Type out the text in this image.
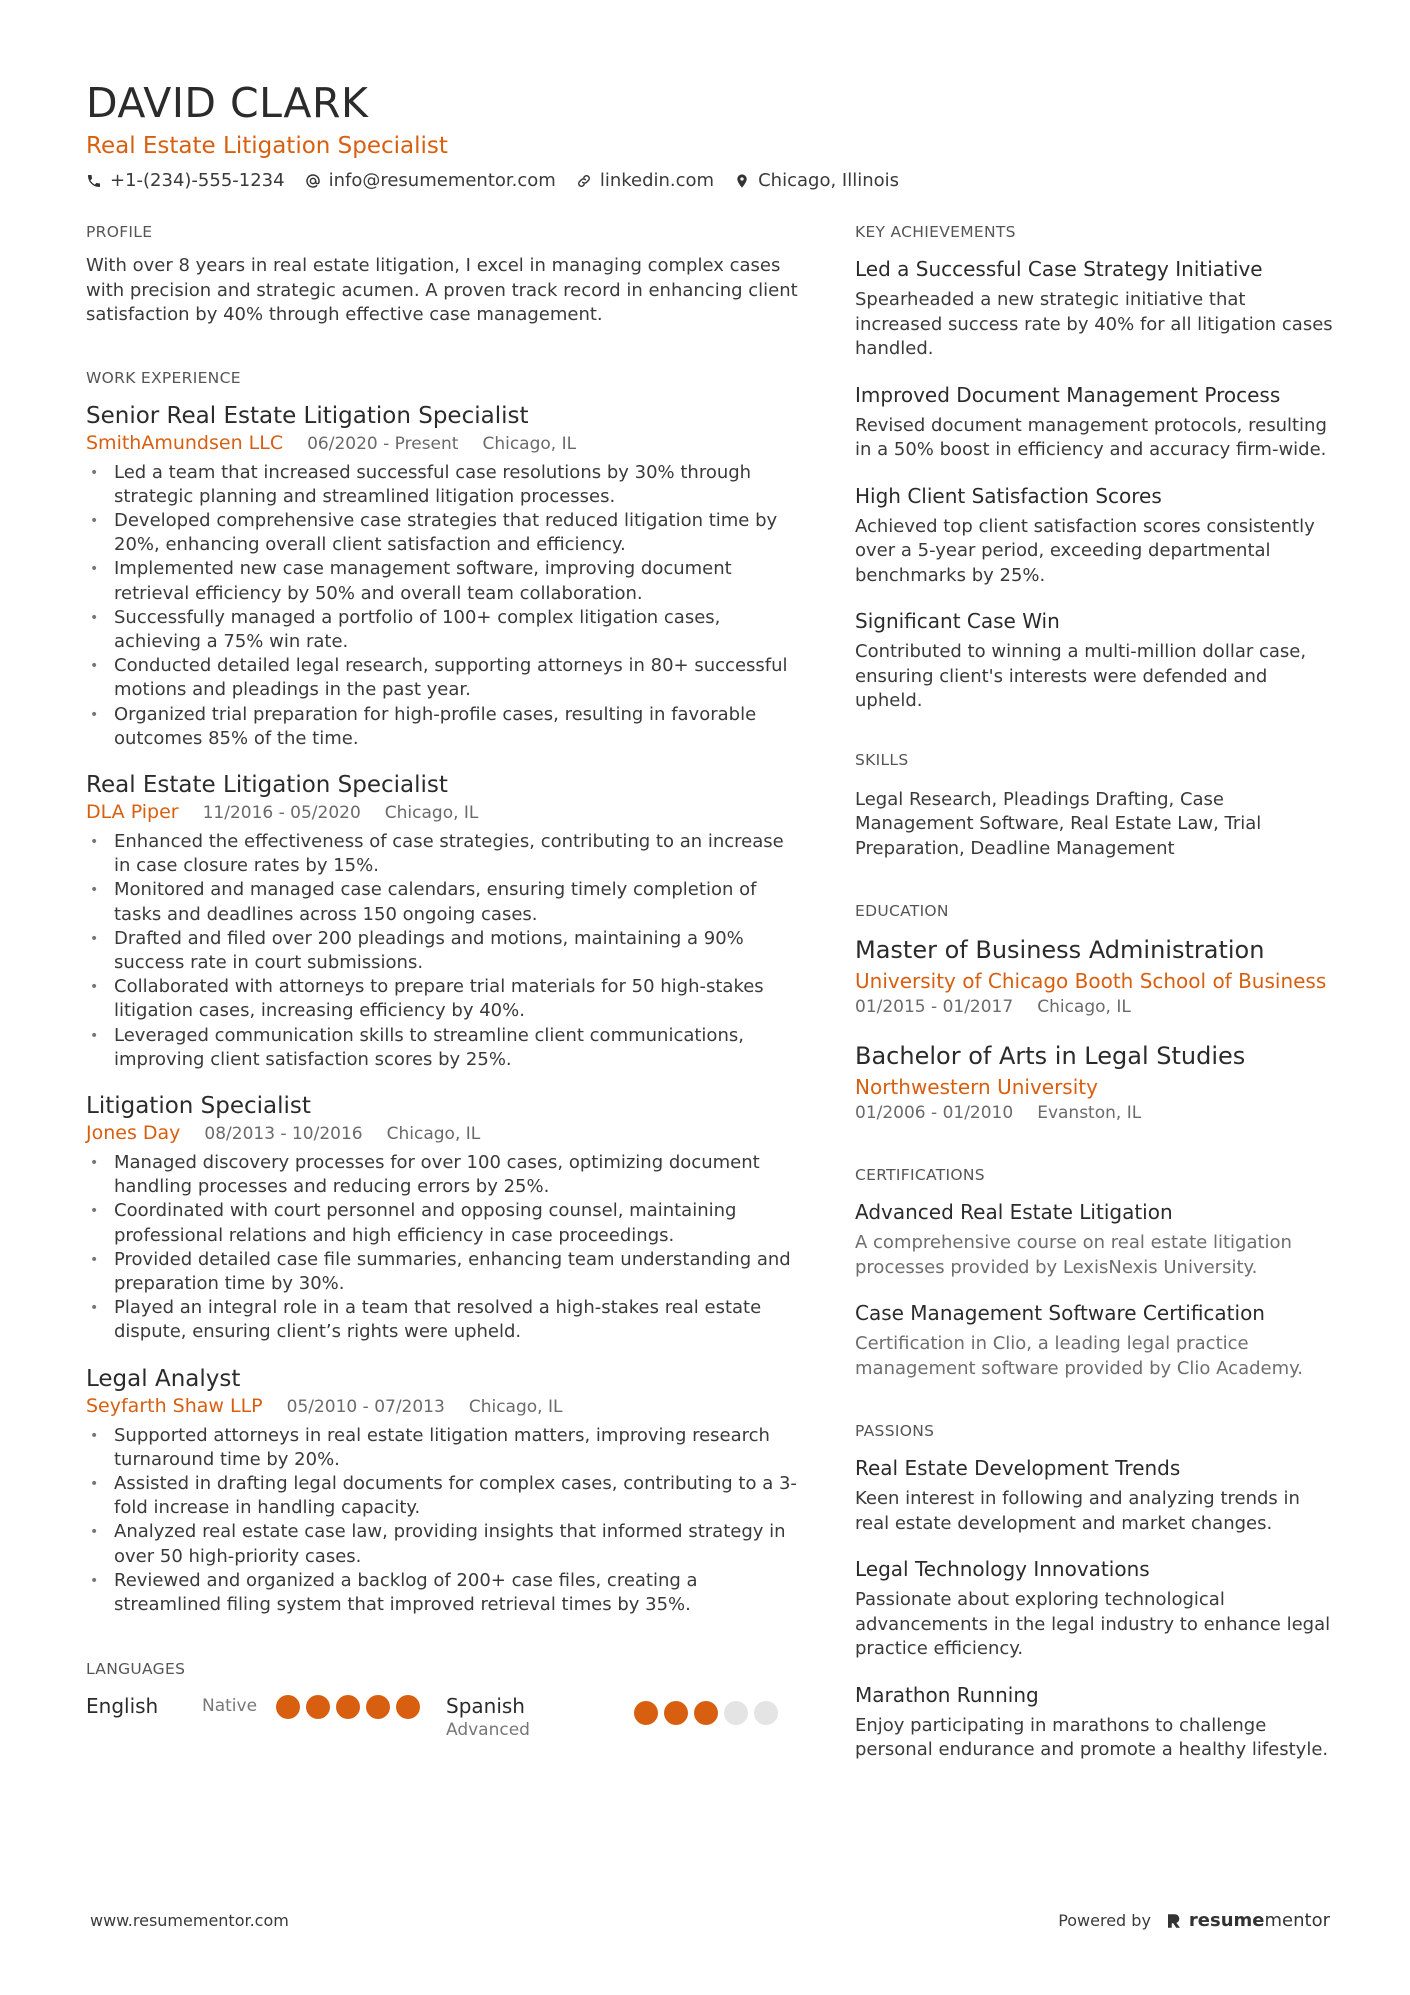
DAVID CLARK
Real Estate Litigation Specialist
+1-(234)-555-1234 info@resumementor.com linkedin.com Chicago, Illinois
PROFILE
With over 8 years in real estate litigation, I excel in managing complex cases with precision and strategic acumen. A proven track record in enhancing client satisfaction by 40% through effective case management.
WORK EXPERIENCE
Senior Real Estate Litigation Specialist
SmithAmundsen LLC 06/2020 - Present Chicago, IL
• Led a team that increased successful case resolutions by 30% through strategic planning and streamlined litigation processes.
• Developed comprehensive case strategies that reduced litigation time by 20%, enhancing overall client satisfaction and efficiency.
• Implemented new case management software, improving document retrieval efficiency by 50% and overall team collaboration.
• Successfully managed a portfolio of 100+ complex litigation cases, achieving a 75% win rate.
• Conducted detailed legal research, supporting attorneys in 80+ successful motions and pleadings in the past year.
• Organized trial preparation for high-profile cases, resulting in favorable outcomes 85% of the time.
Real Estate Litigation Specialist
DLA Piper 11/2016 - 05/2020 Chicago, IL
• Enhanced the effectiveness of case strategies, contributing to an increase in case closure rates by 15%.
• Monitored and managed case calendars, ensuring timely completion of tasks and deadlines across 150 ongoing cases.
• Drafted and filed over 200 pleadings and motions, maintaining a 90% success rate in court submissions.
• Collaborated with attorneys to prepare trial materials for 50 high-stakes litigation cases, increasing efficiency by 40%.
• Leveraged communication skills to streamline client communications, improving client satisfaction scores by 25%.
Litigation Specialist
Jones Day 08/2013 - 10/2016 Chicago, IL
• Managed discovery processes for over 100 cases, optimizing document handling processes and reducing errors by 25%.
• Coordinated with court personnel and opposing counsel, maintaining professional relations and high efficiency in case proceedings.
• Provided detailed case file summaries, enhancing team understanding and preparation time by 30%.
• Played an integral role in a team that resolved a high-stakes real estate dispute, ensuring client’s rights were upheld.
Legal Analyst
Seyfarth Shaw LLP 05/2010 - 07/2013 Chicago, IL
• Supported attorneys in real estate litigation matters, improving research turnaround time by 20%.
• Assisted in drafting legal documents for complex cases, contributing to a 3-fold increase in handling capacity.
• Analyzed real estate case law, providing insights that informed strategy in over 50 high-priority cases.
• Reviewed and organized a backlog of 200+ case files, creating a streamlined filing system that improved retrieval times by 35%.
LANGUAGES
English	Native	Spanish
Advanced
KEY ACHIEVEMENTS
Led a Successful Case Strategy Initiative
Spearheaded a new strategic initiative that increased success rate by 40% for all litigation cases handled.
Improved Document Management Process
Revised document management protocols, resulting in a 50% boost in efficiency and accuracy firm-wide.
High Client Satisfaction Scores
Achieved top client satisfaction scores consistently over a 5-year period, exceeding departmental benchmarks by 25%.
Significant Case Win
Contributed to winning a multi-million dollar case, ensuring client's interests were defended and upheld.
SKILLS
Legal Research, Pleadings Drafting, Case Management Software, Real Estate Law, Trial Preparation, Deadline Management
EDUCATION
Master of Business Administration
University of Chicago Booth School of Business
01/2015 - 01/2017 Chicago, IL
Bachelor of Arts in Legal Studies
Northwestern University
01/2006 - 01/2010 Evanston, IL
CERTIFICATIONS
Advanced Real Estate Litigation
A comprehensive course on real estate litigation processes provided by LexisNexis University.
Case Management Software Certification
Certification in Clio, a leading legal practice management software provided by Clio Academy.
PASSIONS
Real Estate Development Trends
Keen interest in following and analyzing trends in real estate development and market changes.
Legal Technology Innovations
Passionate about exploring technological advancements in the legal industry to enhance legal practice efficiency.
Marathon Running
Enjoy participating in marathons to challenge personal endurance and promote a healthy lifestyle.
www.resumementor.com	Powered by resumementor
